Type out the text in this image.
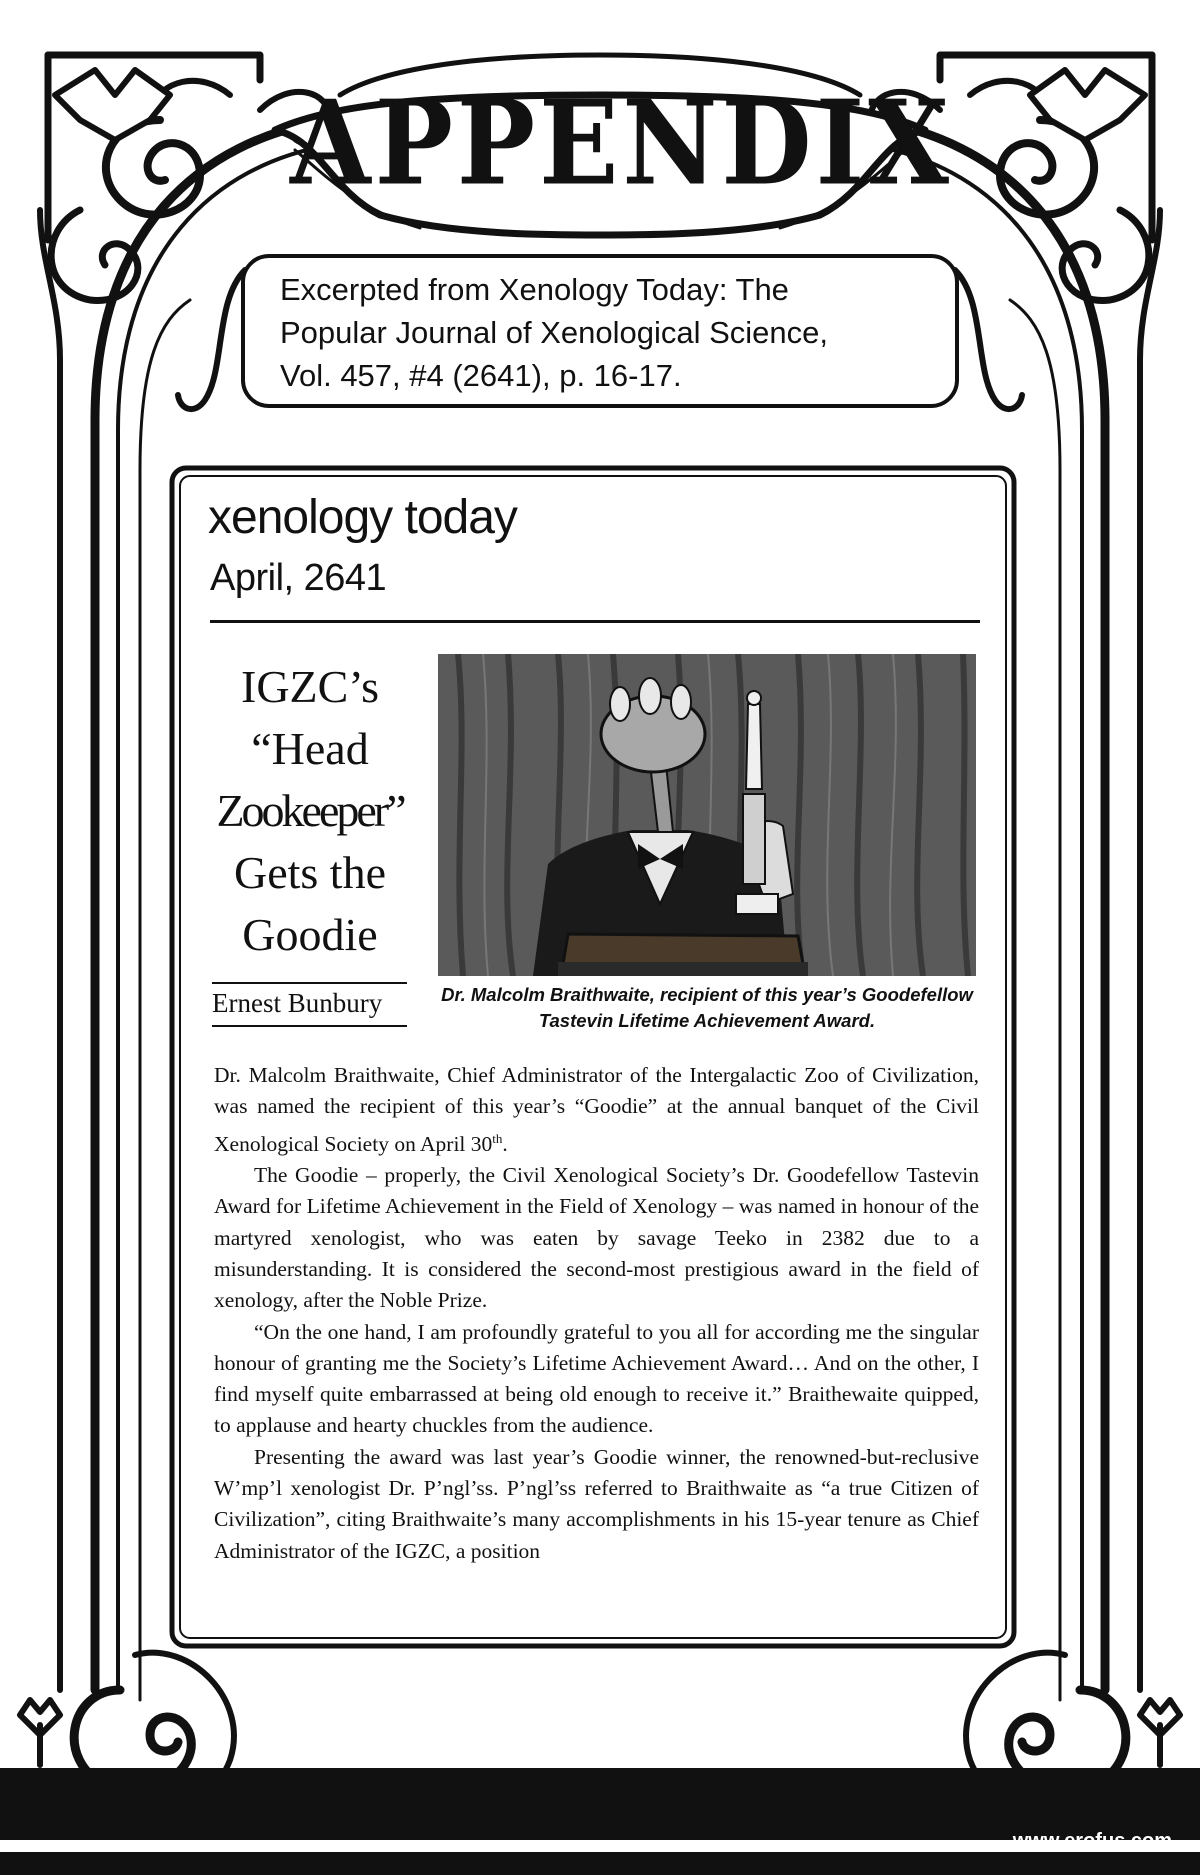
APPENDIX
Excerpted from Xenology Today: The
Popular Journal of Xenological Science,
Vol. 457, #4 (2641), p. 16-17.
xenology today
April, 2641
IGZC’s
“Head
Zookeeper”
Gets the
Goodie
Ernest Bunbury	Dr. Malcolm Braithwaite, recipient of this year’s Goodefellow
Tastevin Lifetime Achievement Award.

Dr. Malcolm Braithwaite, Chief Administrator of the Intergalactic Zoo of Civilization, was named the recipient of this year’s “Goodie” at the annual banquet of the Civil Xenological Society on April 30th.

The Goodie – properly, the Civil Xenological Society’s Dr. Goodefellow Tastevin Award for Lifetime Achievement in the Field of Xenology – was named in honour of the martyred xenologist, who was eaten by savage Teeko in 2382 due to a misunderstanding. It is considered the second-most prestigious award in the field of xenology, after the Noble Prize.

“On the one hand, I am profoundly grateful to you all for according me the singular honour of granting me the Society’s Lifetime Achievement Award… And on the other, I find myself quite embarrassed at being old enough to receive it.” Braithewaite quipped, to applause and hearty chuckles from the audience.

Presenting the award was last year’s Goodie winner, the renowned-but-reclusive W’mp’l xenologist Dr. P’ngl’ss. P’ngl’ss referred to Braithwaite as “a true Citizen of Civilization”, citing Braithwaite’s many accomplishments in his 15-year tenure as Chief Administrator of the IGZC, a position

www.erofus.com
